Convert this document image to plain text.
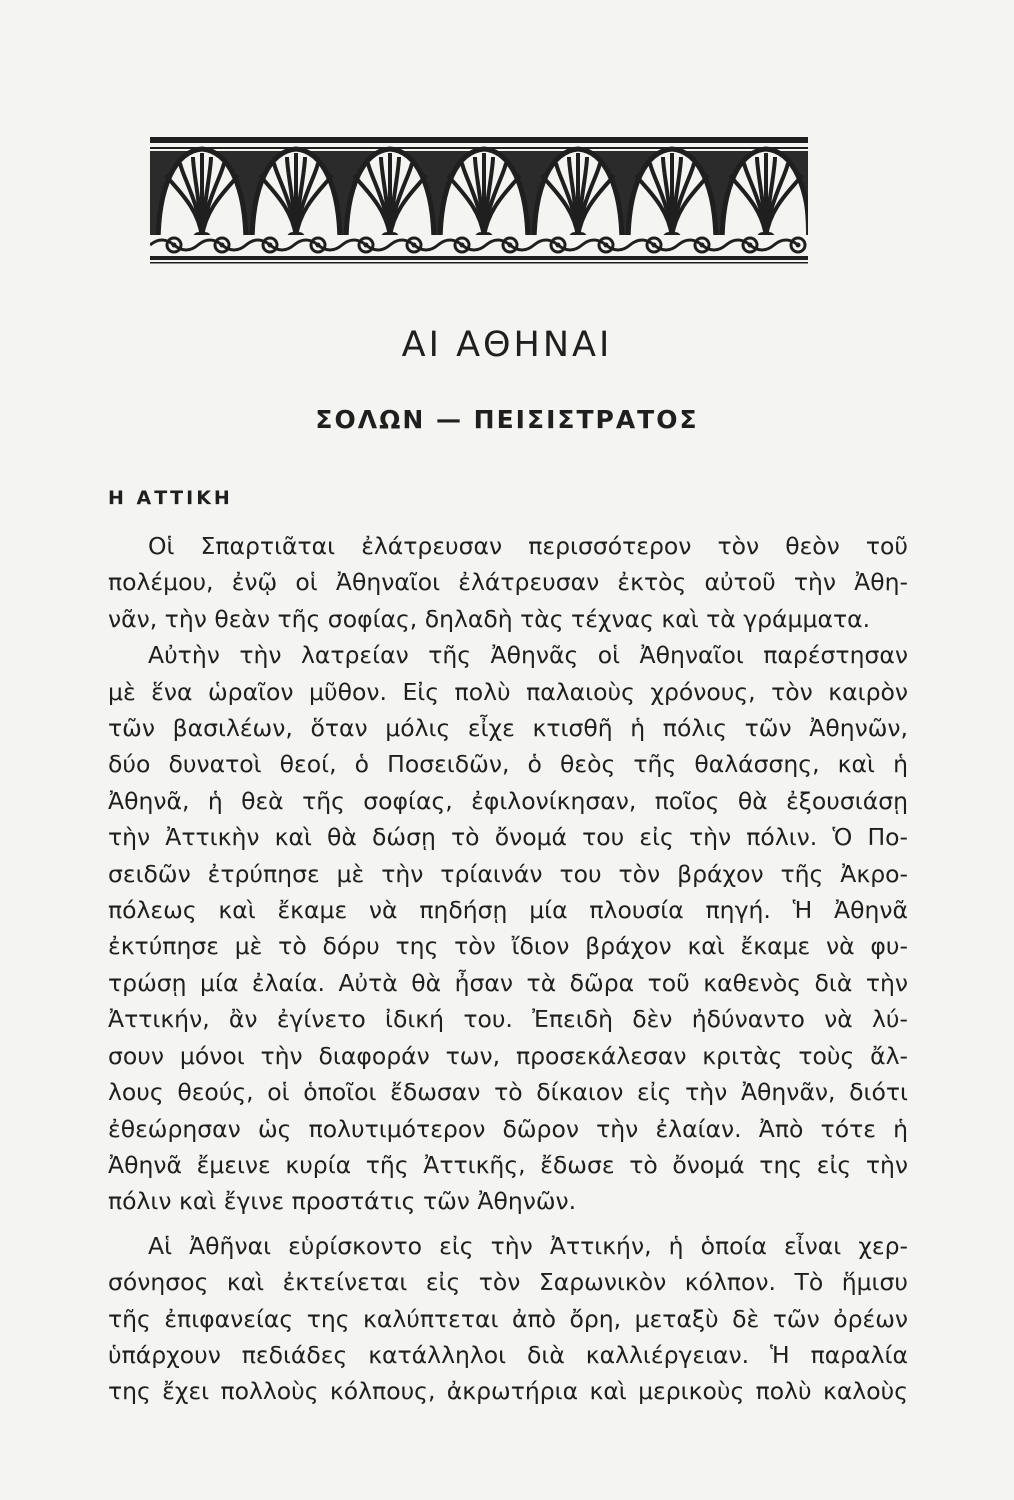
ΑΙ ΑΘΗΝΑΙ
ΣΟΛΩΝ — ΠΕΙΣΙΣΤΡΑΤΟΣ
Η ΑΤΤΙΚΗ
Οἱ Σπαρτιᾶται ἐλάτρευσαν περισσότερον τὸν θεὸν τοῦ
πολέμου, ἐνῷ οἱ Ἀθηναῖοι ἐλάτρευσαν ἐκτὸς αὐτοῦ τὴν Ἀθη-
νᾶν, τὴν θεὰν τῆς σοφίας, δηλαδὴ τὰς τέχνας καὶ τὰ γράμματα.
Αὐτὴν τὴν λατρείαν τῆς Ἀθηνᾶς οἱ Ἀθηναῖοι παρέστησαν
μὲ ἕνα ὡραῖον μῦθον. Εἰς πολὺ παλαιοὺς χρόνους, τὸν καιρὸν
τῶν βασιλέων, ὅταν μόλις εἶχε κτισθῆ ἡ πόλις τῶν Ἀθηνῶν,
δύο δυνατοὶ θεοί, ὁ Ποσειδῶν, ὁ θεὸς τῆς θαλάσσης, καὶ ἡ
Ἀθηνᾶ, ἡ θεὰ τῆς σοφίας, ἐφιλονίκησαν, ποῖος θὰ ἐξουσιάσῃ
τὴν Ἀττικὴν καὶ θὰ δώσῃ τὸ ὄνομά του εἰς τὴν πόλιν. Ὁ Πο-
σειδῶν ἐτρύπησε μὲ τὴν τρίαινάν του τὸν βράχον τῆς Ἀκρο-
πόλεως καὶ ἔκαμε νὰ πηδήσῃ μία πλουσία πηγή. Ἡ Ἀθηνᾶ
ἐκτύπησε μὲ τὸ δόρυ της τὸν ἴδιον βράχον καὶ ἔκαμε νὰ φυ-
τρώσῃ μία ἐλαία. Αὐτὰ θὰ ἦσαν τὰ δῶρα τοῦ καθενὸς διὰ τὴν
Ἀττικήν, ἂν ἐγίνετο ἰδική του. Ἐπειδὴ δὲν ἠδύναντο νὰ λύ-
σουν μόνοι τὴν διαφοράν των, προσεκάλεσαν κριτὰς τοὺς ἄλ-
λους θεούς, οἱ ὁποῖοι ἔδωσαν τὸ δίκαιον εἰς τὴν Ἀθηνᾶν, διότι
ἐθεώρησαν ὡς πολυτιμότερον δῶρον τὴν ἐλαίαν. Ἀπὸ τότε ἡ
Ἀθηνᾶ ἔμεινε κυρία τῆς Ἀττικῆς, ἔδωσε τὸ ὄνομά της εἰς τὴν
πόλιν καὶ ἔγινε προστάτις τῶν Ἀθηνῶν.
Αἱ Ἀθῆναι εὑρίσκοντο εἰς τὴν Ἀττικήν, ἡ ὁποία εἶναι χερ-
σόνησος καὶ ἐκτείνεται εἰς τὸν Σαρωνικὸν κόλπον. Τὸ ἥμισυ
τῆς ἐπιφανείας της καλύπτεται ἀπὸ ὄρη, μεταξὺ δὲ τῶν ὀρέων
ὑπάρχουν πεδιάδες κατάλληλοι διὰ καλλιέργειαν. Ἡ παραλία
της ἔχει πολλοὺς κόλπους, ἀκρωτήρια καὶ μερικοὺς πολὺ καλοὺς
